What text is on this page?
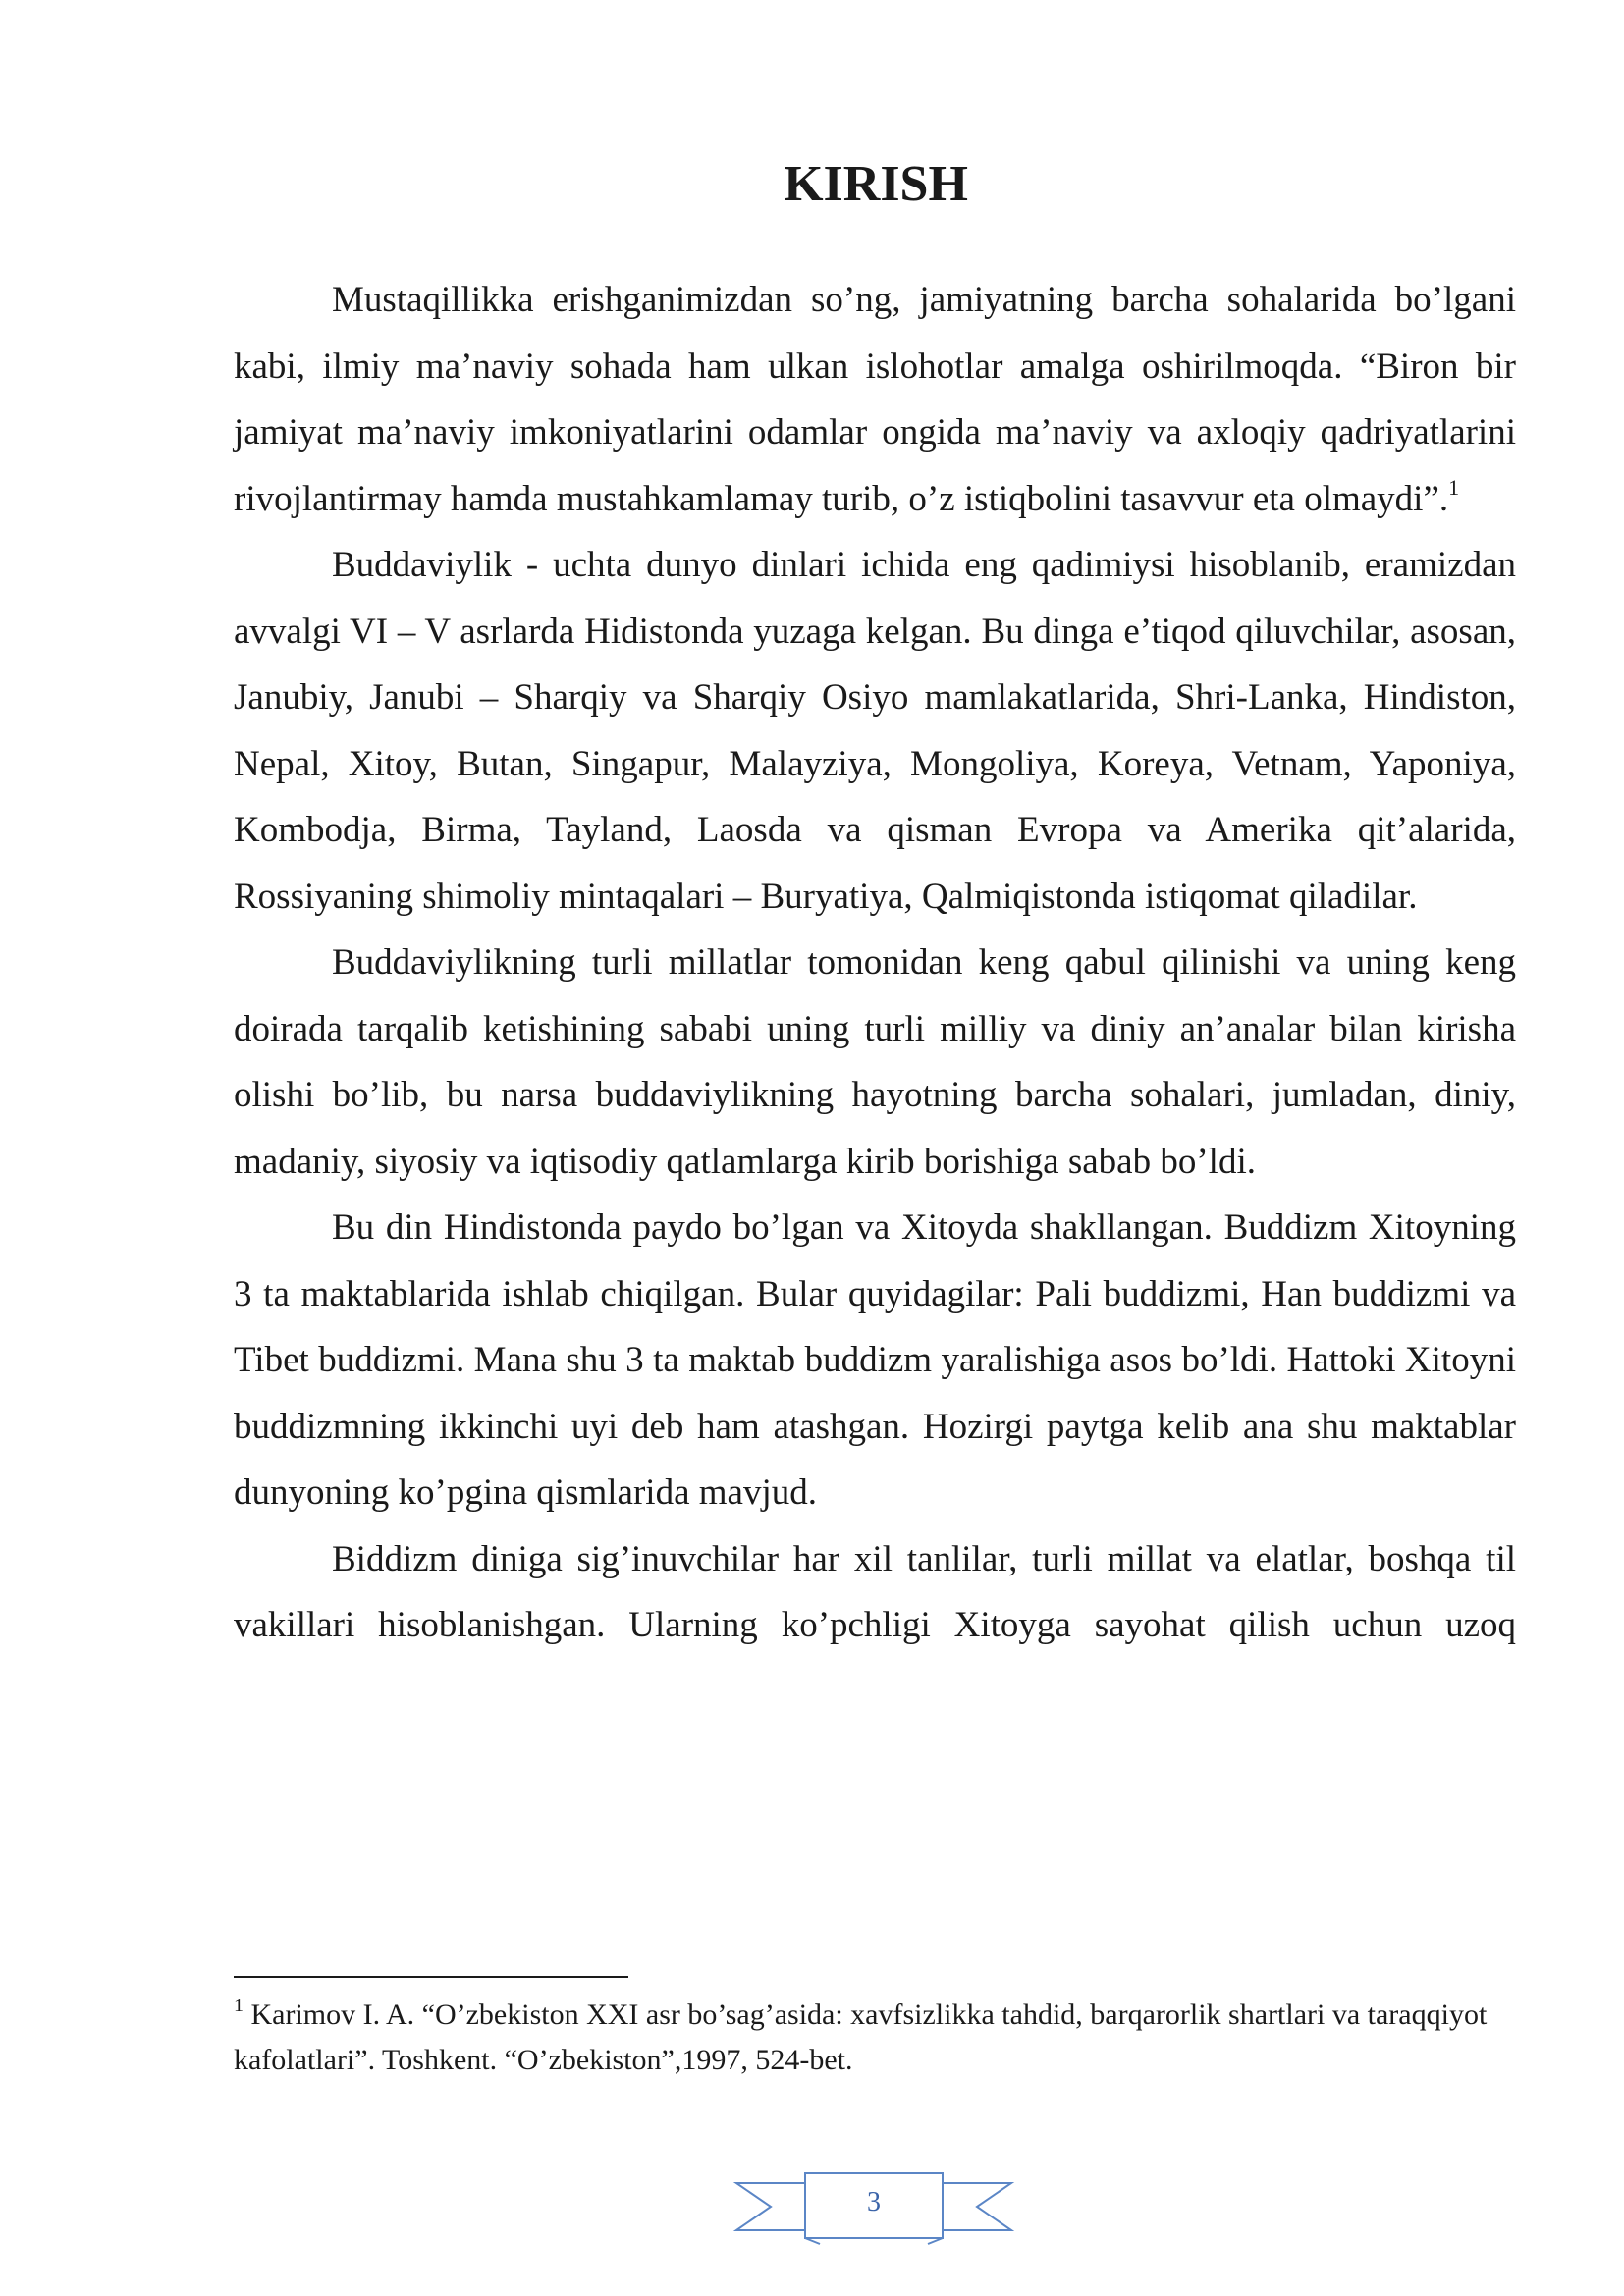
KIRISH

Mustaqillikka erishganimizdan so’ng, jamiyatning barcha sohalarida bo’lgani kabi, ilmiy ma’naviy sohada ham ulkan islohotlar amalga oshirilmoqda. “Biron bir jamiyat ma’naviy imkoniyatlarini odamlar ongida ma’naviy va axloqiy qadriyatlarini rivojlantirmay hamda mustahkamlamay turib, o’z istiqbolini tasavvur eta olmaydi”.$^1$

Buddaviylik - uchta dunyo dinlari ichida eng qadimiysi hisoblanib, eramizdan avvalgi VI – V asrlarda Hidistonda yuzaga kelgan. Bu dinga e’tiqod qiluvchilar, asosan, Janubiy, Janubi – Sharqiy va Sharqiy Osiyo mamlakatlarida, Shri-Lanka, Hindiston, Nepal, Xitoy, Butan, Singapur, Malayziya, Mongoliya, Koreya, Vetnam, Yaponiya, Kombodja, Birma, Tayland, Laosda va qisman Evropa va Amerika qit’alarida, Rossiyaning shimoliy mintaqalari – Buryatiya, Qalmiqistonda istiqomat qiladilar.

Buddaviylikning turli millatlar tomonidan keng qabul qilinishi va uning keng doirada tarqalib ketishining sababi uning turli milliy va diniy an’analar bilan kirisha olishi bo’lib, bu narsa buddaviylikning hayotning barcha sohalari, jumladan, diniy, madaniy, siyosiy va iqtisodiy qatlamlarga kirib borishiga sabab bo’ldi.

Bu din Hindistonda paydo bo’lgan va Xitoyda shakllangan. Buddizm Xitoyning 3 ta maktablarida ishlab chiqilgan. Bular quyidagilar: Pali buddizmi, Han buddizmi va Tibet buddizmi. Mana shu 3 ta maktab buddizm yaralishiga asos bo’ldi. Hattoki Xitoyni buddizmning ikkinchi uyi deb ham atashgan. Hozirgi paytga kelib ana shu maktablar dunyoning ko’pgina qismlarida mavjud.

Biddizm diniga sig’inuvchilar har xil tanlilar, turli millat va elatlar, boshqa til vakillari hisoblanishgan. Ularning ko’pchligi Xitoyga sayohat qilish uchun uzoq

$^1$ Karimov I. A. “O’zbekiston XXI asr bo’sag’asida: xavfsizlikka tahdid, barqarorlik shartlari va taraqqiyot kafolatlari”. Toshkent. “O’zbekiston”,1997, 524-bet.

3
